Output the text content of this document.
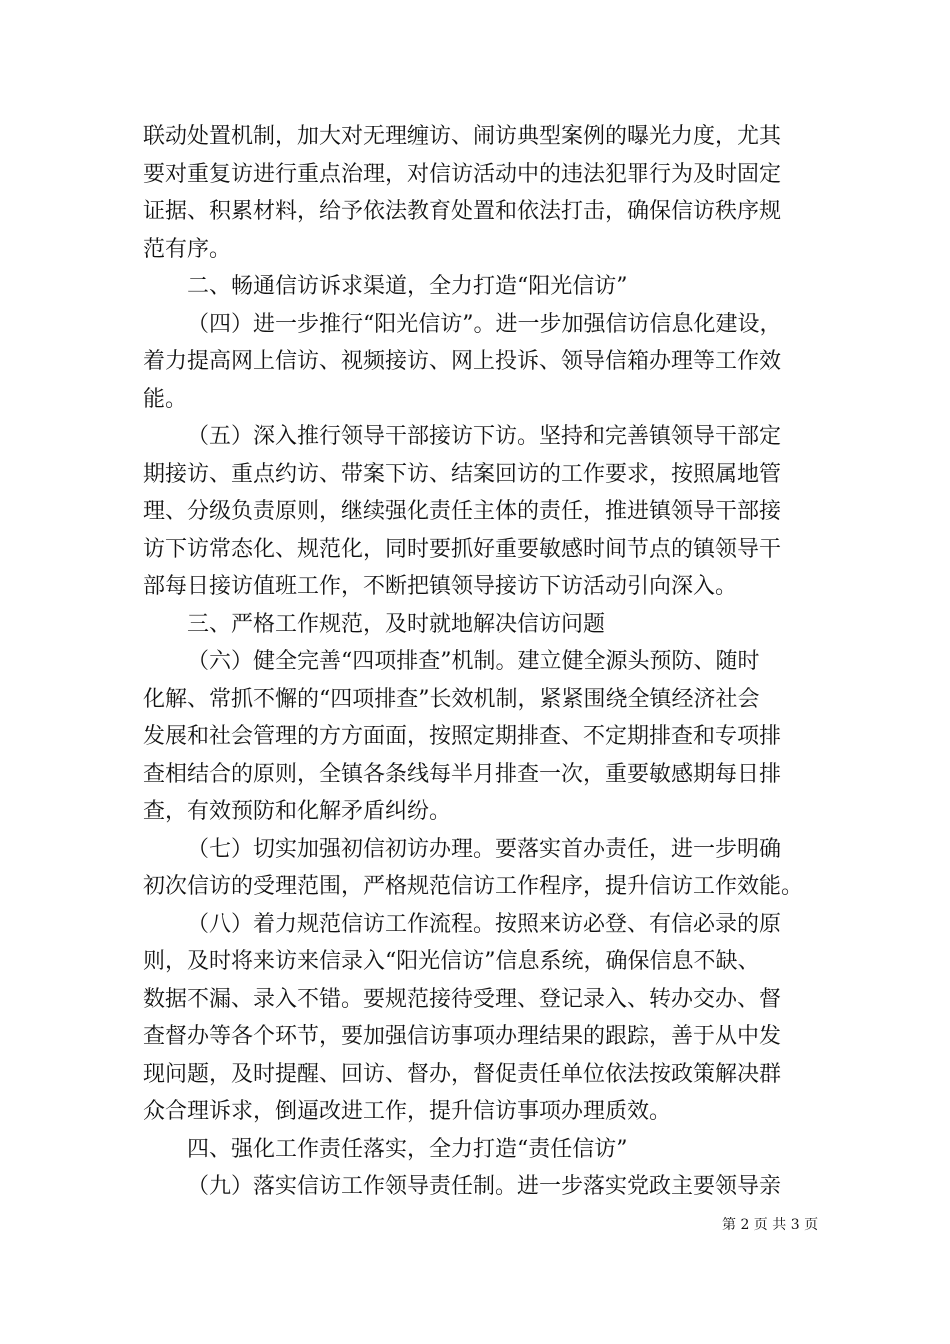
联动处置机制，加大对无理缠访、闹访典型案例的曝光力度，尤其
要对重复访进行重点治理，对信访活动中的违法犯罪行为及时固定
证据、积累材料，给予依法教育处置和依法打击，确保信访秩序规
范有序。
二、畅通信访诉求渠道，全力打造“阳光信访”
（四）进一步推行“阳光信访”。进一步加强信访信息化建设，
着力提高网上信访、视频接访、网上投诉、领导信箱办理等工作效
能。
（五）深入推行领导干部接访下访。坚持和完善镇领导干部定
期接访、重点约访、带案下访、结案回访的工作要求，按照属地管
理、分级负责原则，继续强化责任主体的责任，推进镇领导干部接
访下访常态化、规范化，同时要抓好重要敏感时间节点的镇领导干
部每日接访值班工作，不断把镇领导接访下访活动引向深入。
三、严格工作规范，及时就地解决信访问题
（六）健全完善“四项排查”机制。建立健全源头预防、随时
化解、常抓不懈的“四项排查”长效机制，紧紧围绕全镇经济社会
发展和社会管理的方方面面，按照定期排查、不定期排查和专项排
查相结合的原则，全镇各条线每半月排查一次，重要敏感期每日排
查，有效预防和化解矛盾纠纷。
（七）切实加强初信初访办理。要落实首办责任，进一步明确
初次信访的受理范围，严格规范信访工作程序，提升信访工作效能。
（八）着力规范信访工作流程。按照来访必登、有信必录的原
则，及时将来访来信录入“阳光信访”信息系统，确保信息不缺、
数据不漏、录入不错。要规范接待受理、登记录入、转办交办、督
查督办等各个环节，要加强信访事项办理结果的跟踪，善于从中发
现问题，及时提醒、回访、督办，督促责任单位依法按政策解决群
众合理诉求，倒逼改进工作，提升信访事项办理质效。
四、强化工作责任落实，全力打造“责任信访”
（九）落实信访工作领导责任制。进一步落实党政主要领导亲
第 2 页 共 3 页
